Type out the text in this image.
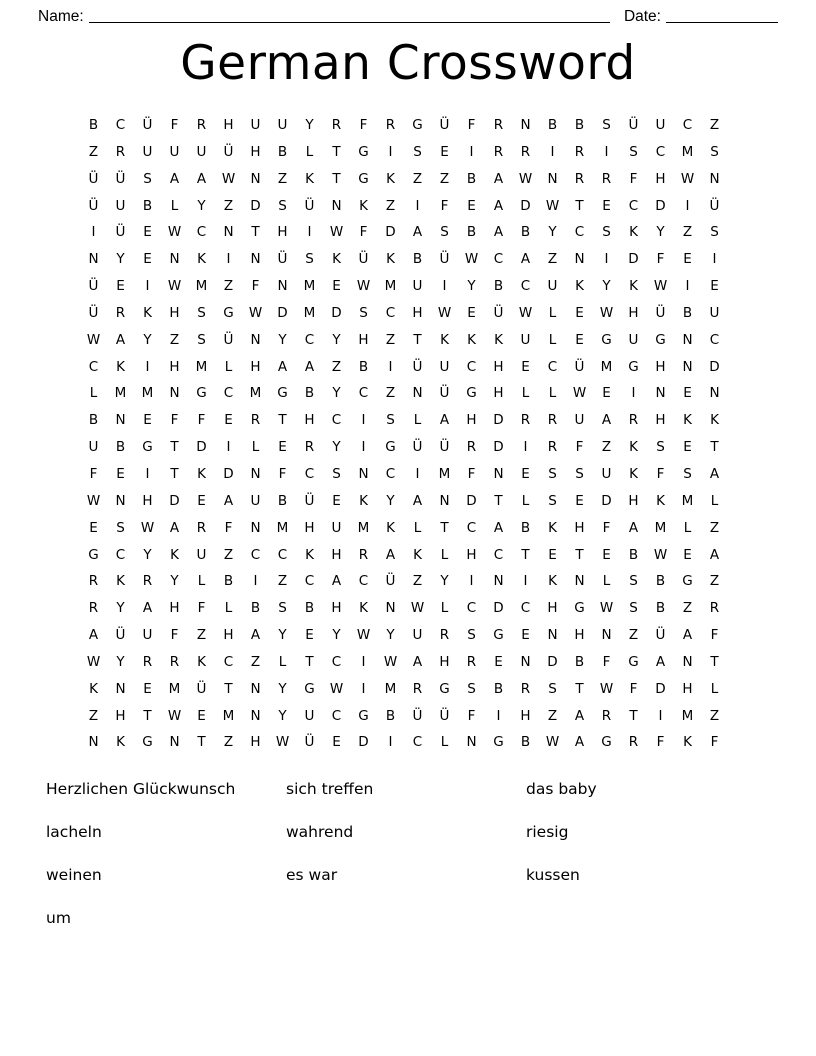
Name:	Date:
German Crossword
B	C	Ü	F	R	H	U	U	Y	R	F	R	G	Ü	F	R	N	B	B	S	Ü	U	C	Z
Z	R	U	U	U	Ü	H	B	L	T	G	I	S	E	I	R	R	I	R	I	S	C	M	S
Ü	Ü	S	A	A	W	N	Z	K	T	G	K	Z	Z	B	A	W	N	R	R	F	H	W	N
Ü	U	B	L	Y	Z	D	S	Ü	N	K	Z	I	F	E	A	D	W	T	E	C	D	I	Ü
I	Ü	E	W	C	N	T	H	I	W	F	D	A	S	B	A	B	Y	C	S	K	Y	Z	S
N	Y	E	N	K	I	N	Ü	S	K	Ü	K	B	Ü	W	C	A	Z	N	I	D	F	E	I
Ü	E	I	W	M	Z	F	N	M	E	W	M	U	I	Y	B	C	U	K	Y	K	W	I	E
Ü	R	K	H	S	G	W	D	M	D	S	C	H	W	E	Ü	W	L	E	W	H	Ü	B	U
W	A	Y	Z	S	Ü	N	Y	C	Y	H	Z	T	K	K	K	U	L	E	G	U	G	N	C
C	K	I	H	M	L	H	A	A	Z	B	I	Ü	U	C	H	E	C	Ü	M	G	H	N	D
L	M	M	N	G	C	M	G	B	Y	C	Z	N	Ü	G	H	L	L	W	E	I	N	E	N
B	N	E	F	F	E	R	T	H	C	I	S	L	A	H	D	R	R	U	A	R	H	K	K
U	B	G	T	D	I	L	E	R	Y	I	G	Ü	Ü	R	D	I	R	F	Z	K	S	E	T
F	E	I	T	K	D	N	F	C	S	N	C	I	M	F	N	E	S	S	U	K	F	S	A
W	N	H	D	E	A	U	B	Ü	E	K	Y	A	N	D	T	L	S	E	D	H	K	M	L
E	S	W	A	R	F	N	M	H	U	M	K	L	T	C	A	B	K	H	F	A	M	L	Z
G	C	Y	K	U	Z	C	C	K	H	R	A	K	L	H	C	T	E	T	E	B	W	E	A
R	K	R	Y	L	B	I	Z	C	A	C	Ü	Z	Y	I	N	I	K	N	L	S	B	G	Z
R	Y	A	H	F	L	B	S	B	H	K	N	W	L	C	D	C	H	G	W	S	B	Z	R
A	Ü	U	F	Z	H	A	Y	E	Y	W	Y	U	R	S	G	E	N	H	N	Z	Ü	A	F
W	Y	R	R	K	C	Z	L	T	C	I	W	A	H	R	E	N	D	B	F	G	A	N	T
K	N	E	M	Ü	T	N	Y	G	W	I	M	R	G	S	B	R	S	T	W	F	D	H	L
Z	H	T	W	E	M	N	Y	U	C	G	B	Ü	Ü	F	I	H	Z	A	R	T	I	M	Z
N	K	G	N	T	Z	H	W	Ü	E	D	I	C	L	N	G	B	W	A	G	R	F	K	F
Herzlichen Glückwunsch	sich treffen	das baby
lacheln	wahrend	riesig
weinen	es war	kussen
um
